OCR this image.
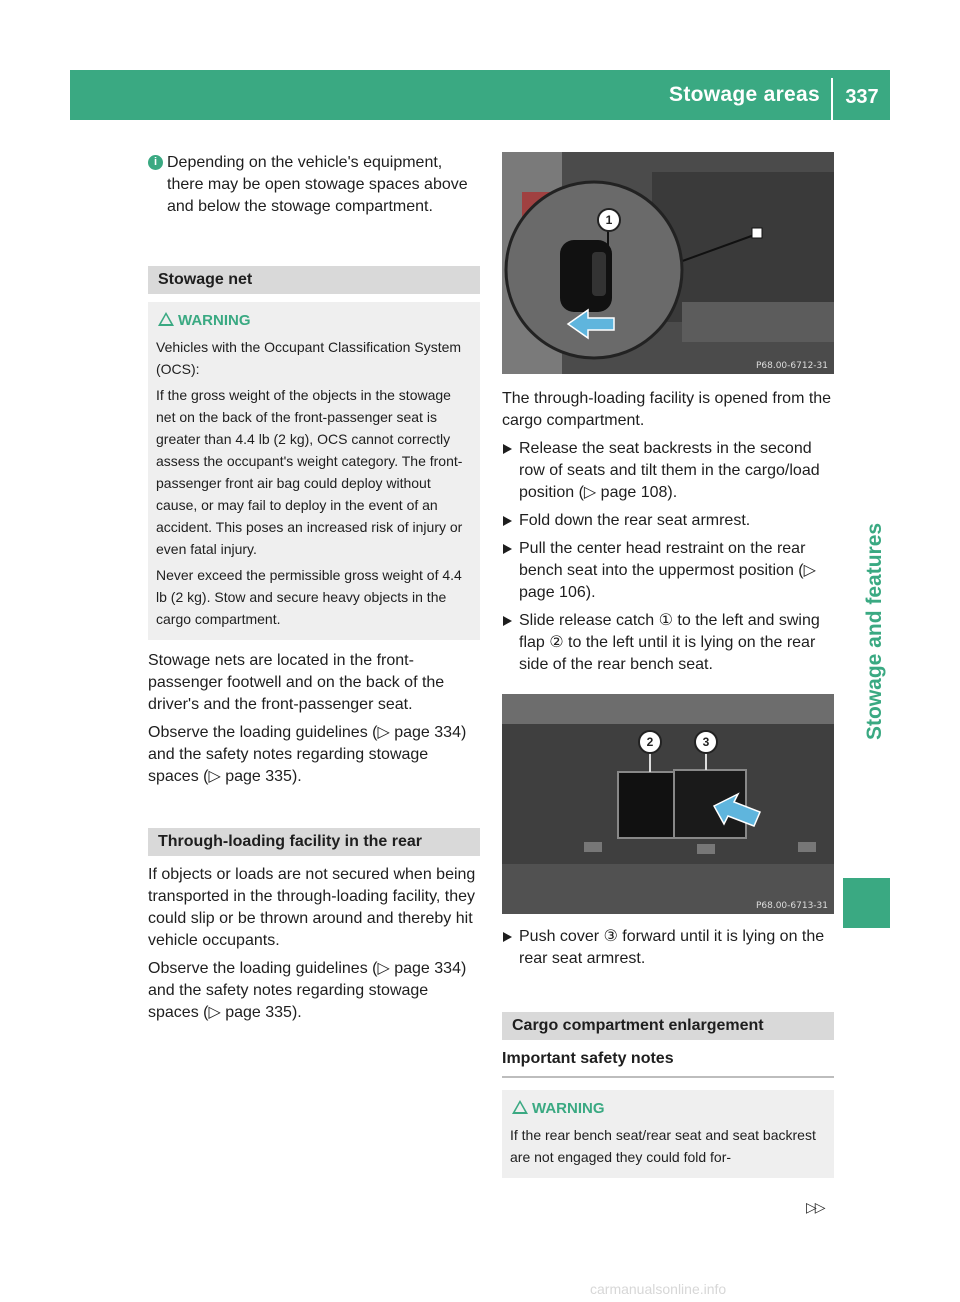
Stowage areas	337
Stowage and features

i Depending on the vehicle's equipment, there may be open stowage spaces above and below the stowage compartment.

Stowage net
WARNING

Vehicles with the Occupant Classification System (OCS):

If the gross weight of the objects in the stowage net on the back of the front-passenger seat is greater than 4.4 lb (2 kg), OCS cannot correctly assess the occupant's weight category. The front-passenger front air bag could deploy without cause, or may fail to deploy in the event of an accident. This poses an increased risk of injury or even fatal injury.

Never exceed the permissible gross weight of 4.4 lb (2 kg). Stow and secure heavy objects in the cargo compartment.

Stowage nets are located in the front-passenger footwell and on the back of the driver's and the front-passenger seat.

Observe the loading guidelines (▷ page 334) and the safety notes regarding stowage spaces (▷ page 335).

Through-loading facility in the rear

If objects or loads are not secured when being transported in the through-loading facility, they could slip or be thrown around and thereby hit vehicle occupants.

Observe the loading guidelines (▷ page 334) and the safety notes regarding stowage spaces (▷ page 335).

1
P68.00-6712-31

The through-loading facility is opened from the cargo compartment.

Release the seat backrests in the second row of seats and tilt them in the cargo/load position (▷ page 108).
Fold down the rear seat armrest.
Pull the center head restraint on the rear bench seat into the uppermost position (▷ page 106).
Slide release catch ① to the left and swing flap ② to the left until it is lying on the rear side of the rear bench seat.
2	3
P68.00-6713-31
Push cover ③ forward until it is lying on the rear seat armrest.
Cargo compartment enlargement
Important safety notes
WARNING

If the rear bench seat/rear seat and seat backrest are not engaged they could fold for-

▷▷
carmanualsonline.info
